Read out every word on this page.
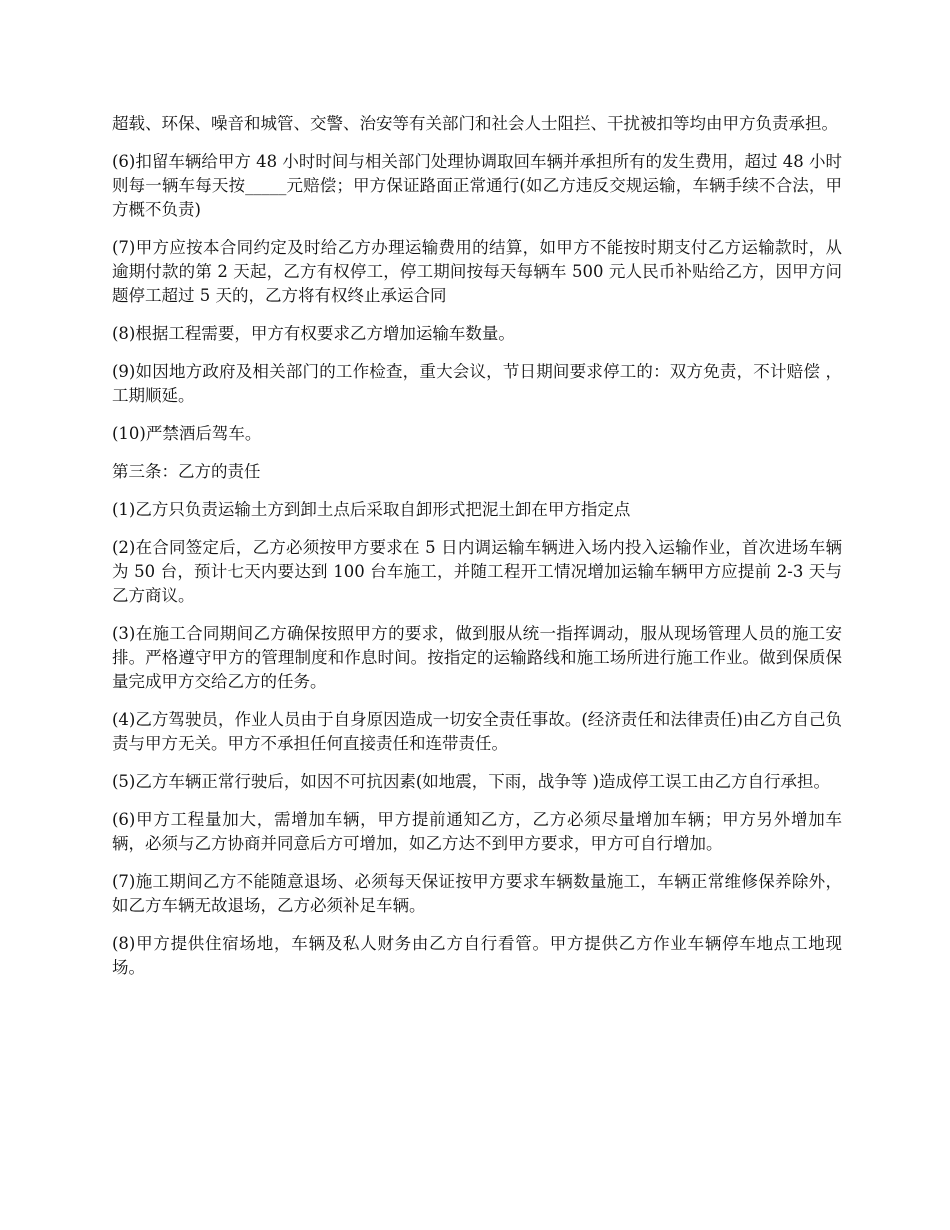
超载、环保、噪音和城管、交警、治安等有关部门和社会人士阻拦、干扰被扣等均由甲方负责承担。

(6)扣留车辆给甲方 48 小时时间与相关部门处理协调取回车辆并承担所有的发生费用，超过 48 小时则每一辆车每天按_____元赔偿；甲方保证路面正常通行(如乙方违反交规运输，车辆手续不合法，甲方概不负责)

(7)甲方应按本合同约定及时给乙方办理运输费用的结算，如甲方不能按时期支付乙方运输款时，从逾期付款的第 2 天起，乙方有权停工，停工期间按每天每辆车 500 元人民币补贴给乙方，因甲方问题停工超过 5 天的，乙方将有权终止承运合同

(8)根据工程需要，甲方有权要求乙方增加运输车数量。

(9)如因地方政府及相关部门的工作检查，重大会议，节日期间要求停工的：双方免责，不计赔偿 ，工期顺延。

(10)严禁酒后驾车。

第三条：乙方的责任

(1)乙方只负责运输土方到卸土点后采取自卸形式把泥土卸在甲方指定点

(2)在合同签定后，乙方必须按甲方要求在 5 日内调运输车辆进入场内投入运输作业，首次进场车辆为 50 台，预计七天内要达到 100 台车施工，并随工程开工情况增加运输车辆甲方应提前 2-3 天与乙方商议。

(3)在施工合同期间乙方确保按照甲方的要求，做到服从统一指挥调动，服从现场管理人员的施工安排。严格遵守甲方的管理制度和作息时间。按指定的运输路线和施工场所进行施工作业。做到保质保量完成甲方交给乙方的任务。

(4)乙方驾驶员，作业人员由于自身原因造成一切安全责任事故。(经济责任和法律责任)由乙方自己负责与甲方无关。甲方不承担任何直接责任和连带责任。

(5)乙方车辆正常行驶后，如因不可抗因素(如地震，下雨，战争等 )造成停工误工由乙方自行承担。

(6)甲方工程量加大，需增加车辆，甲方提前通知乙方，乙方必须尽量增加车辆；甲方另外增加车辆，必须与乙方协商并同意后方可增加，如乙方达不到甲方要求，甲方可自行增加。

(7)施工期间乙方不能随意退场、必须每天保证按甲方要求车辆数量施工，车辆正常维修保养除外，如乙方车辆无故退场，乙方必须补足车辆。

(8)甲方提供住宿场地，车辆及私人财务由乙方自行看管。甲方提供乙方作业车辆停车地点工地现场。
